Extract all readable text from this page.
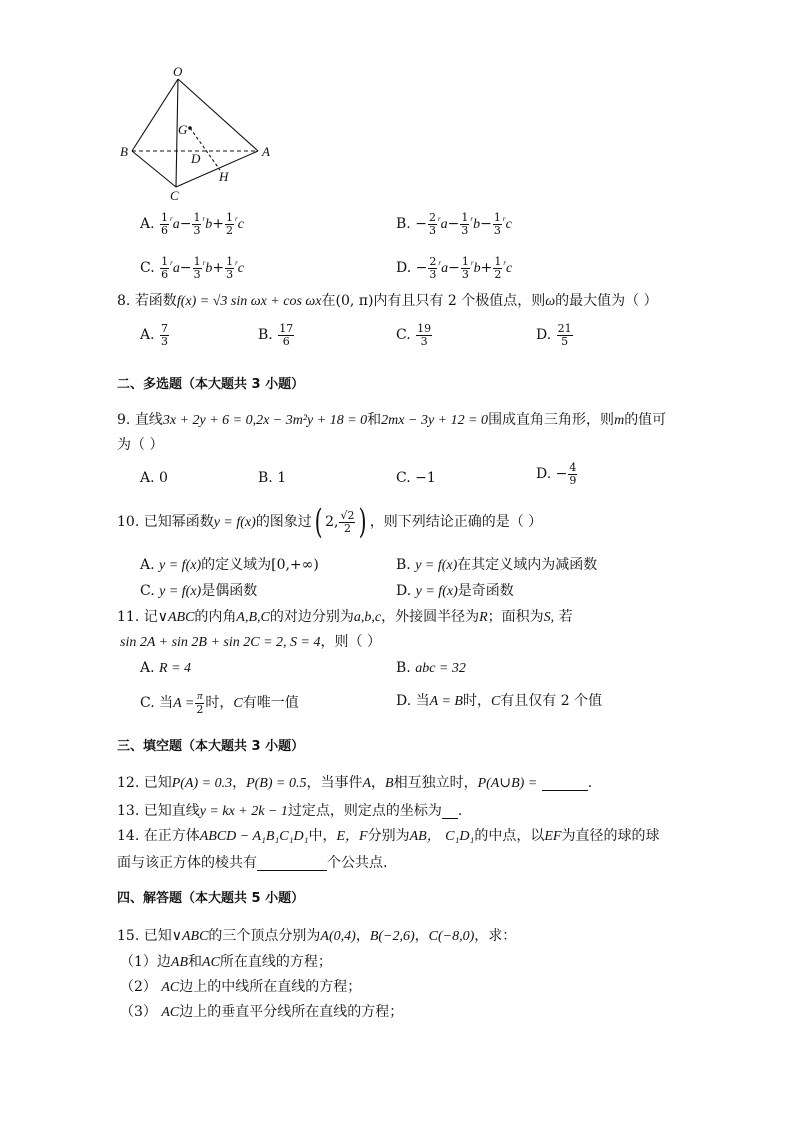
O
B	A
C
G
D
H
A. $\frac{1}{6} ^ra- \frac{1}{3} ^rb+ \frac{1}{2} ^rc$	B. − $\frac{2}{3} ^ra- \frac{1}{3} ^rb- \frac{1}{3} ^rc$
C. $\frac{1}{6} ^ra- \frac{1}{3} ^rb+ \frac{1}{3} ^rc$	D. − $\frac{2}{3} ^ra- \frac{1}{3} ^rb+ \frac{1}{2} ^rc$
8. 若函数f(x) = √3 sin ωx + cos ωx在(0, π)内有且只有 2 个极值点，则ω的最大值为（ ）
A. $\frac{7}{3}$	B. $\frac{17}{6}$	C. $\frac{19}{3}$	D. $\frac{21}{5}$
二、多选题（本大题共 3 小题）
9. 直线3x + 2y + 6 = 0,2x − 3m²y + 18 = 0和2mx − 3y + 12 = 0围成直角三角形，则m的值可
为（ ）
A. 0	B. 1	C. −1	D. − $\frac{4}{9}$
10. 已知幂函数y = f(x)的图象过( 2, $\frac{√2}{2}$ ) ，则下列结论正确的是（ ）
A. y = f(x)的定义域为[0,+∞)	B. y = f(x)在其定义域内为减函数
C. y = f(x)是偶函数	D. y = f(x)是奇函数
11. 记∨ABC的内角A,B,C的对边分别为a,b,c，外接圆半径为R；面积为S, 若
sin 2A + sin 2B + sin 2C = 2, S = 4，则（ ）
A. R = 4	B. abc = 32
C. 当$A = \frac{\pi}{2}$ 时，C有唯一值	D. 当A = B时，C有且仅有 2 个值
三、填空题（本大题共 3 小题）
12. 已知P(A) = 0.3，P(B) = 0.5，当事件A，B相互独立时，P(A∪B) =	.
13. 已知直线y = kx + 2k − 1过定点，则定点的坐标为 .
14. 在正方体ABCD − A₁B₁C₁D₁中，E，F分别为AB， C₁D₁的中点，以EF为直径的球的球
面与该正方体的棱共有	个公共点.
四、解答题（本大题共 5 小题）
15. 已知∨ABC的三个顶点分别为A(0,4)，B(−2,6)，C(−8,0)，求：
（1）边AB和AC所在直线的方程；
（2） AC边上的中线所在直线的方程；
（3） AC边上的垂直平分线所在直线的方程；
